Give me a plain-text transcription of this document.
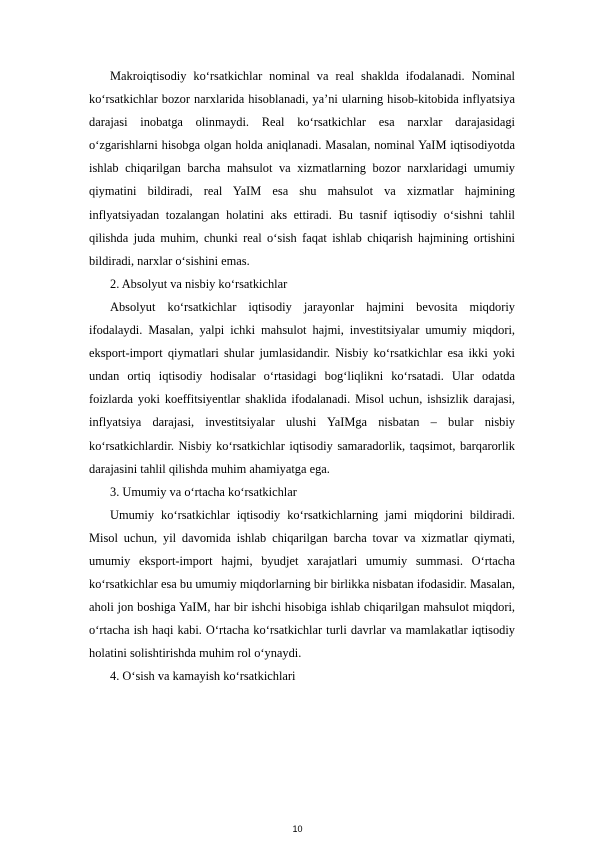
Makroiqtisodiy ko‘rsatkichlar nominal va real shaklda ifodalanadi. Nominal ko‘rsatkichlar bozor narxlarida hisoblanadi, ya’ni ularning hisob-kitobida inflyatsiya darajasi inobatga olinmaydi. Real ko‘rsatkichlar esa narxlar darajasidagi o‘zgarishlarni hisobga olgan holda aniqlanadi. Masalan, nominal YaIM iqtisodiyotda ishlab chiqarilgan barcha mahsulot va xizmatlarning bozor narxlaridagi umumiy qiymatini bildiradi, real YaIM esa shu mahsulot va xizmatlar hajmining inflyatsiyadan tozalangan holatini aks ettiradi. Bu tasnif iqtisodiy o‘sishni tahlil qilishda juda muhim, chunki real o‘sish faqat ishlab chiqarish hajmining ortishini bildiradi, narxlar o‘sishini emas.

2. Absolyut va nisbiy ko‘rsatkichlar

Absolyut ko‘rsatkichlar iqtisodiy jarayonlar hajmini bevosita miqdoriy ifodalaydi. Masalan, yalpi ichki mahsulot hajmi, investitsiyalar umumiy miqdori, eksport-import qiymatlari shular jumlasidandir. Nisbiy ko‘rsatkichlar esa ikki yoki undan ortiq iqtisodiy hodisalar o‘rtasidagi bog‘liqlikni ko‘rsatadi. Ular odatda foizlarda yoki koeffitsiyentlar shaklida ifodalanadi. Misol uchun, ishsizlik darajasi, inflyatsiya darajasi, investitsiyalar ulushi YaIMga nisbatan – bular nisbiy ko‘rsatkichlardir. Nisbiy ko‘rsatkichlar iqtisodiy samaradorlik, taqsimot, barqarorlik darajasini tahlil qilishda muhim ahamiyatga ega.

3. Umumiy va o‘rtacha ko‘rsatkichlar

Umumiy ko‘rsatkichlar iqtisodiy ko‘rsatkichlarning jami miqdorini bildiradi. Misol uchun, yil davomida ishlab chiqarilgan barcha tovar va xizmatlar qiymati, umumiy eksport-import hajmi, byudjet xarajatlari umumiy summasi. O‘rtacha ko‘rsatkichlar esa bu umumiy miqdorlarning bir birlikka nisbatan ifodasidir. Masalan, aholi jon boshiga YaIM, har bir ishchi hisobiga ishlab chiqarilgan mahsulot miqdori, o‘rtacha ish haqi kabi. O‘rtacha ko‘rsatkichlar turli davrlar va mamlakatlar iqtisodiy holatini solishtirishda muhim rol o‘ynaydi.

4. O‘sish va kamayish ko‘rsatkichlari

10
